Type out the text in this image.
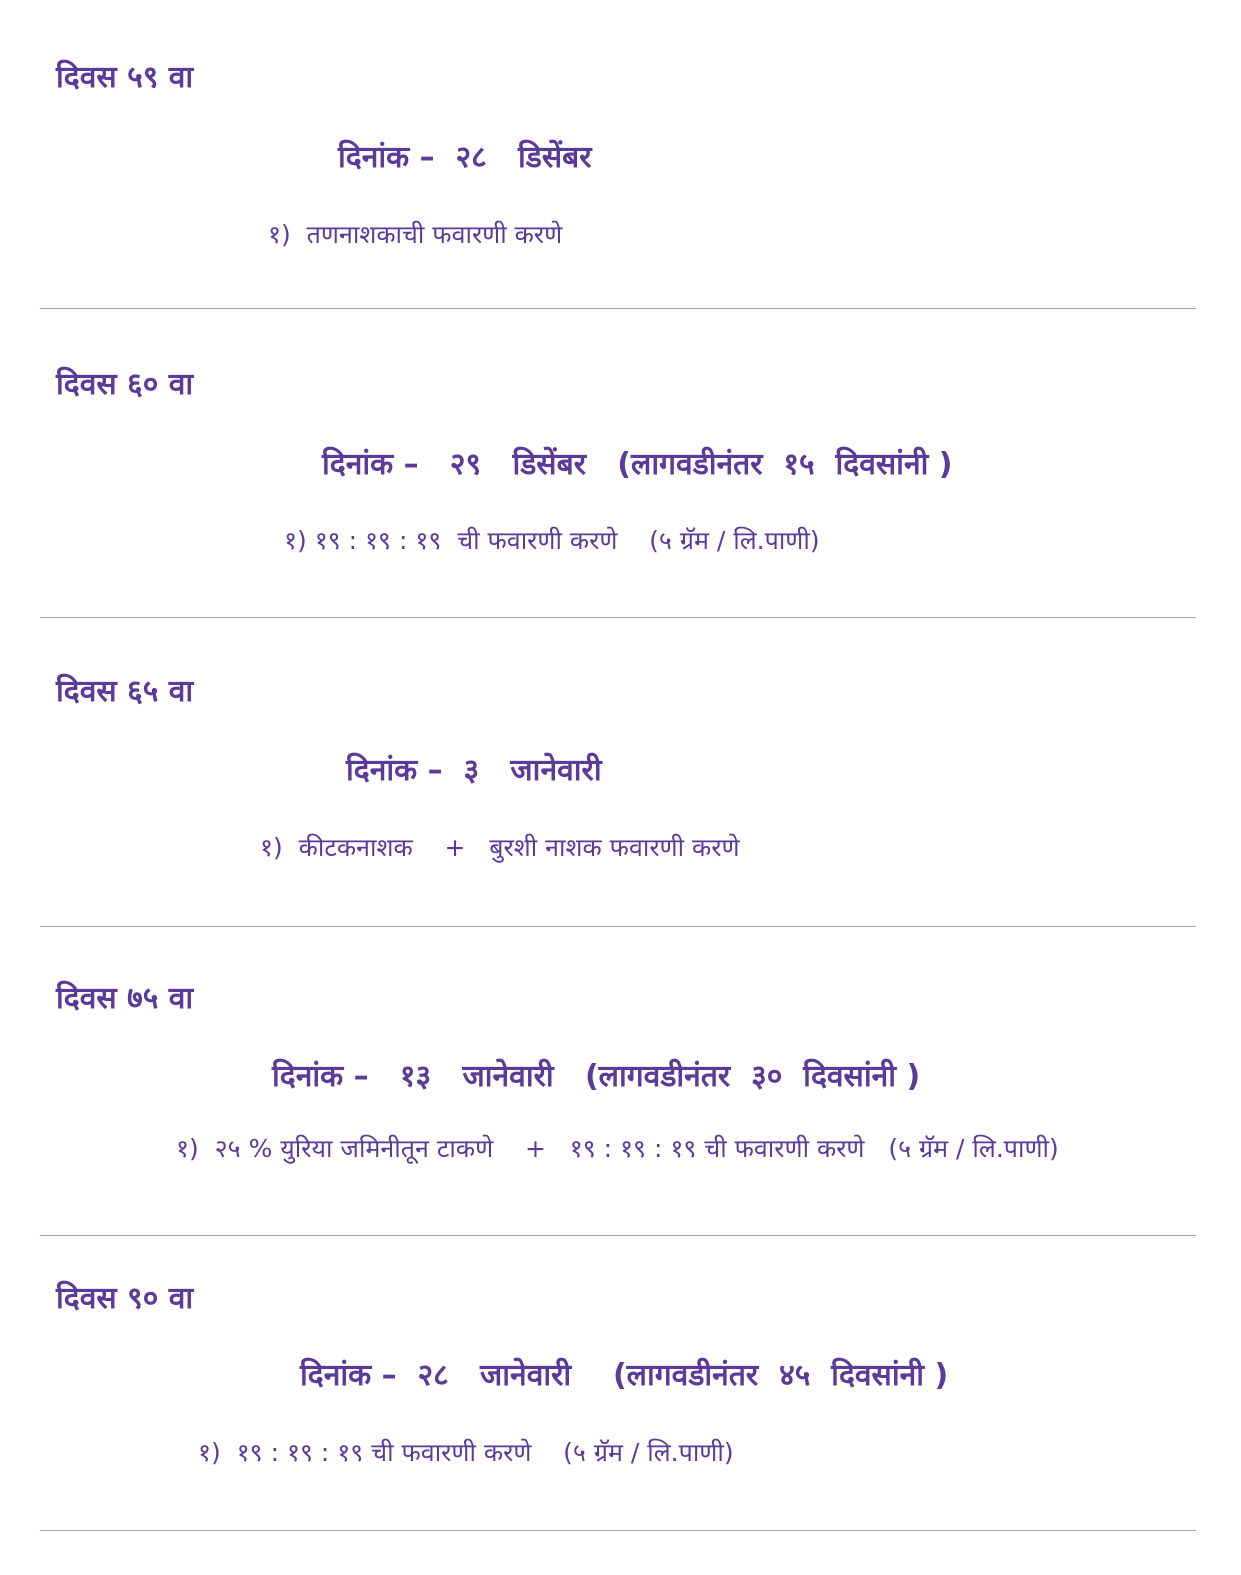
दिवस ५९ वा
दिनांक –  २८   डिसेंबर
१)  तणनाशकाची फवारणी करणे
दिवस ६० वा
दिनांक –   २९   डिसेंबर   (लागवडीनंतर  १५  दिवसांनी )
१) १९ : १९ : १९  ची फवारणी करणे    (५ ग्रॅम / लि.पाणी)
दिवस ६५ वा
दिनांक –  ३   जानेवारी
१)  कीटकनाशक    +   बुरशी नाशक फवारणी करणे
दिवस ७५ वा
दिनांक –   १३   जानेवारी   (लागवडीनंतर  ३०  दिवसांनी )
१)  २५ % युरिया जमिनीतून टाकणे    +   १९ : १९ : १९ ची फवारणी करणे   (५ ग्रॅम / लि.पाणी)
दिवस ९० वा
दिनांक –  २८   जानेवारी    (लागवडीनंतर  ४५  दिवसांनी )
१)  १९ : १९ : १९ ची फवारणी करणे    (५ ग्रॅम / लि.पाणी)
